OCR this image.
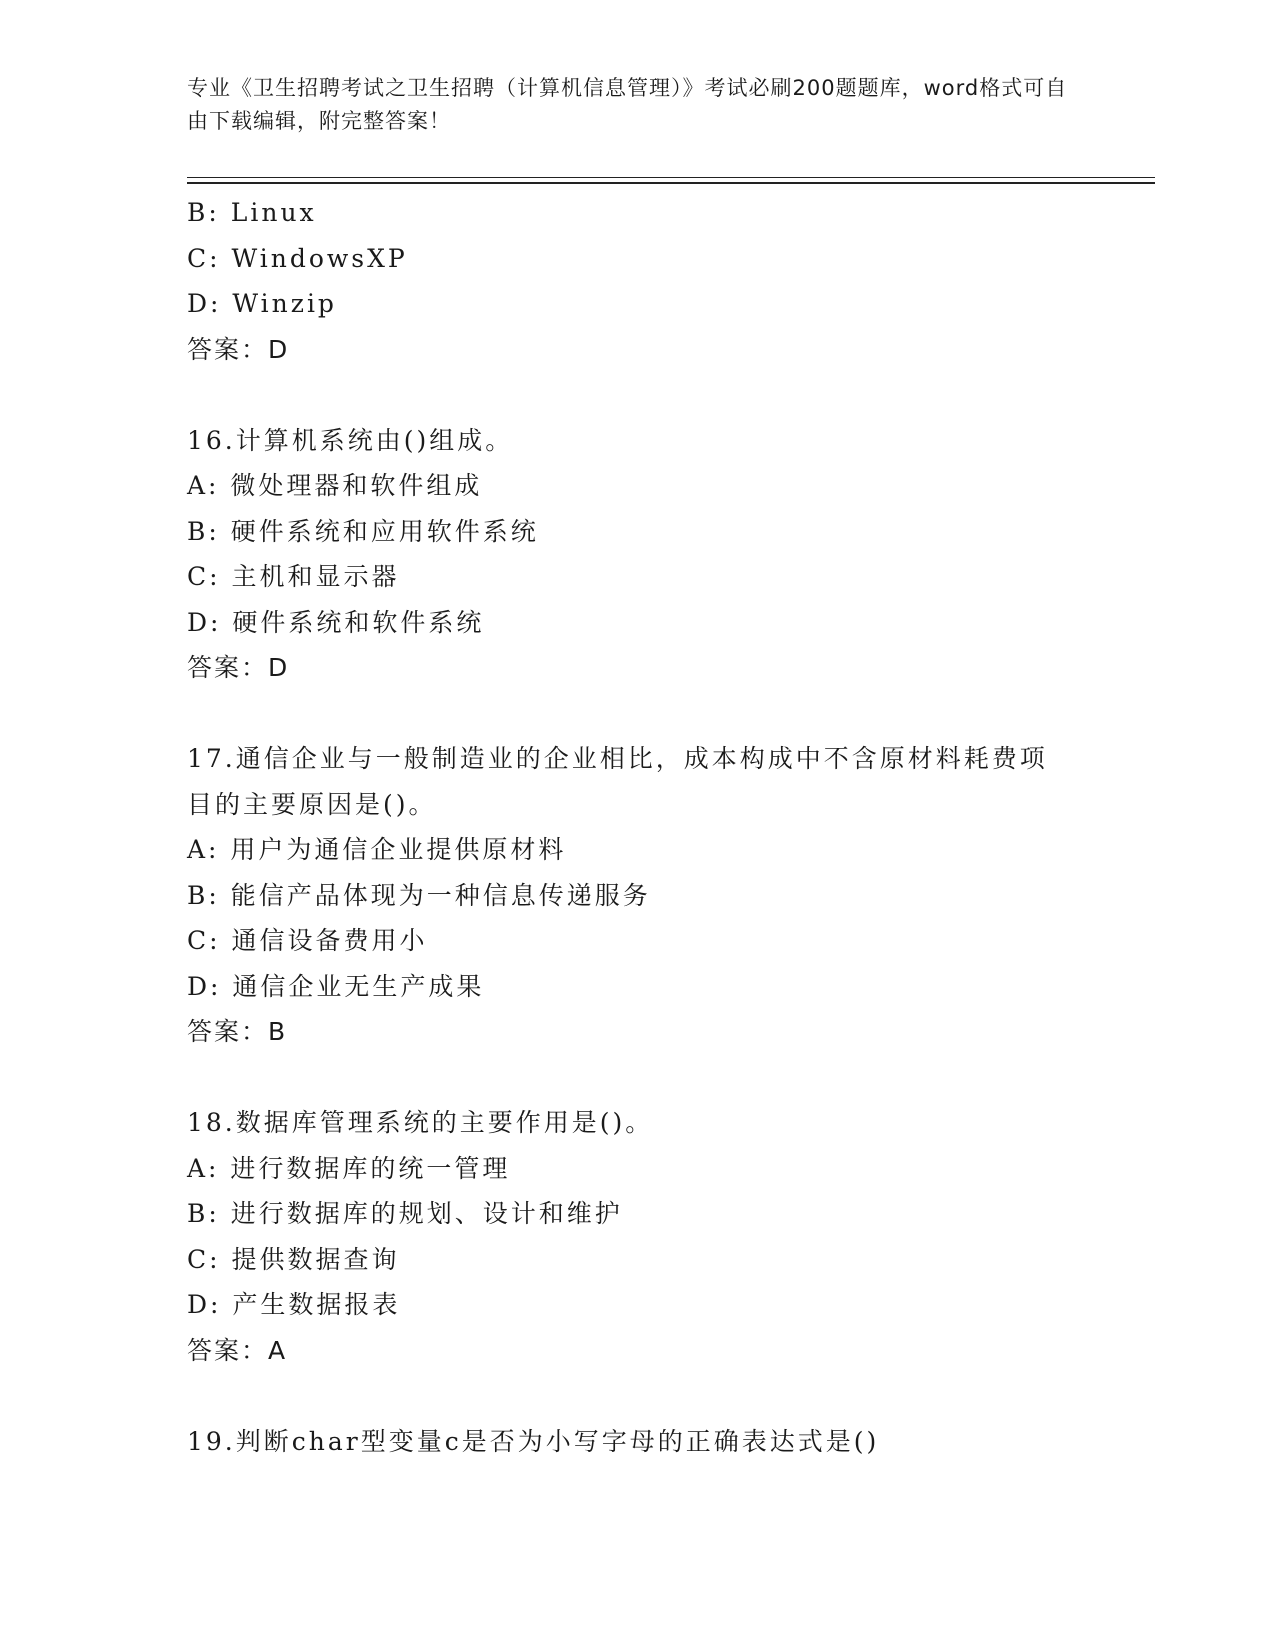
专业《卫生招聘考试之卫生招聘（计算机信息管理）》考试必刷200题题库，word格式可自由下载编辑，附完整答案！
B: Linux
C: WindowsXP
D: Winzip
答案：D
16.计算机系统由()组成。
A: 微处理器和软件组成
B: 硬件系统和应用软件系统
C: 主机和显示器
D: 硬件系统和软件系统
答案：D
17.通信企业与一般制造业的企业相比，成本构成中不含原材料耗费项目的主要原因是()。
A: 用户为通信企业提供原材料
B: 能信产品体现为一种信息传递服务
C: 通信设备费用小
D: 通信企业无生产成果
答案：B
18.数据库管理系统的主要作用是()。
A: 进行数据库的统一管理
B: 进行数据库的规划、设计和维护
C: 提供数据查询
D: 产生数据报表
答案：A
19.判断char型变量c是否为小写字母的正确表达式是()
